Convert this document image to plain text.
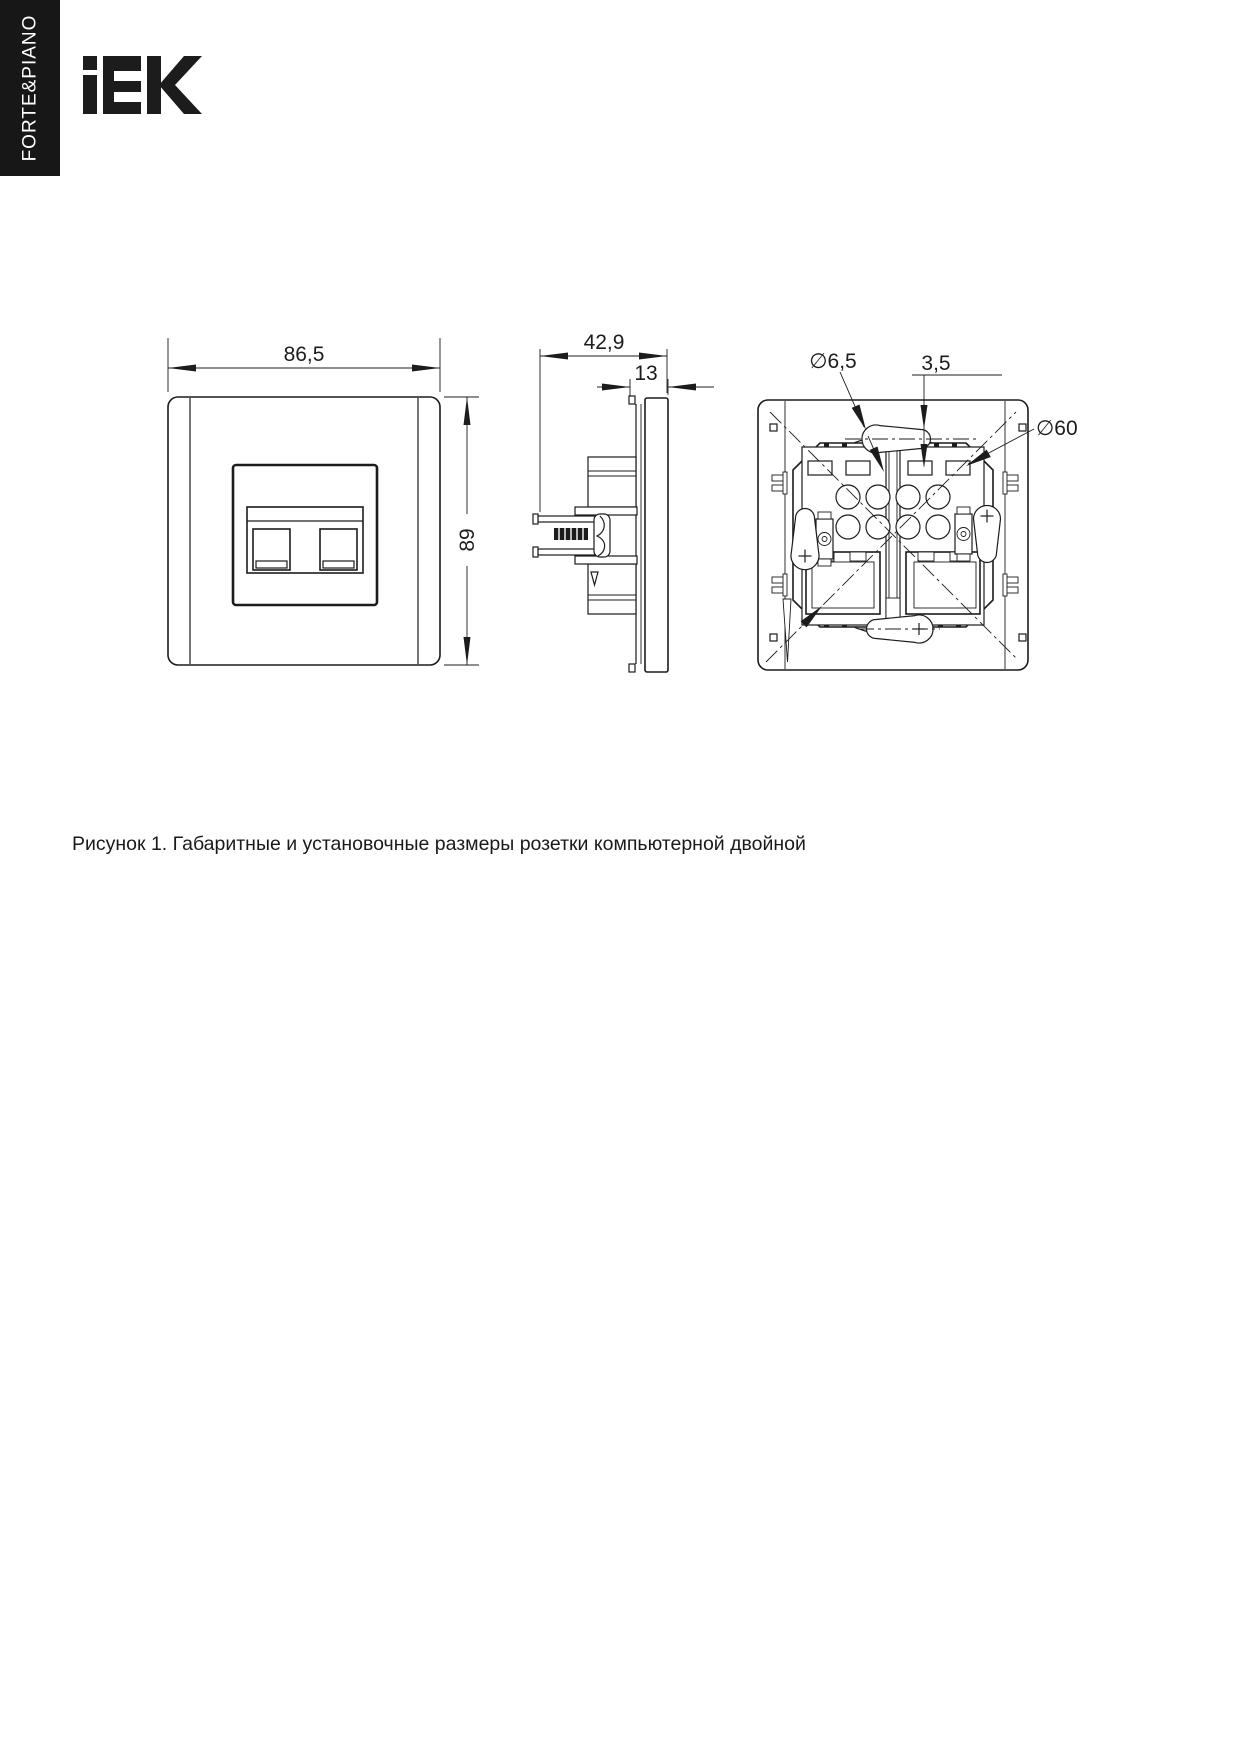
FORTE&PIANO
86,5
89
42,9
13
∅6,5	3,5
∅60
Рисунок 1. Габаритные и установочные размеры розетки компьютерной двойной
